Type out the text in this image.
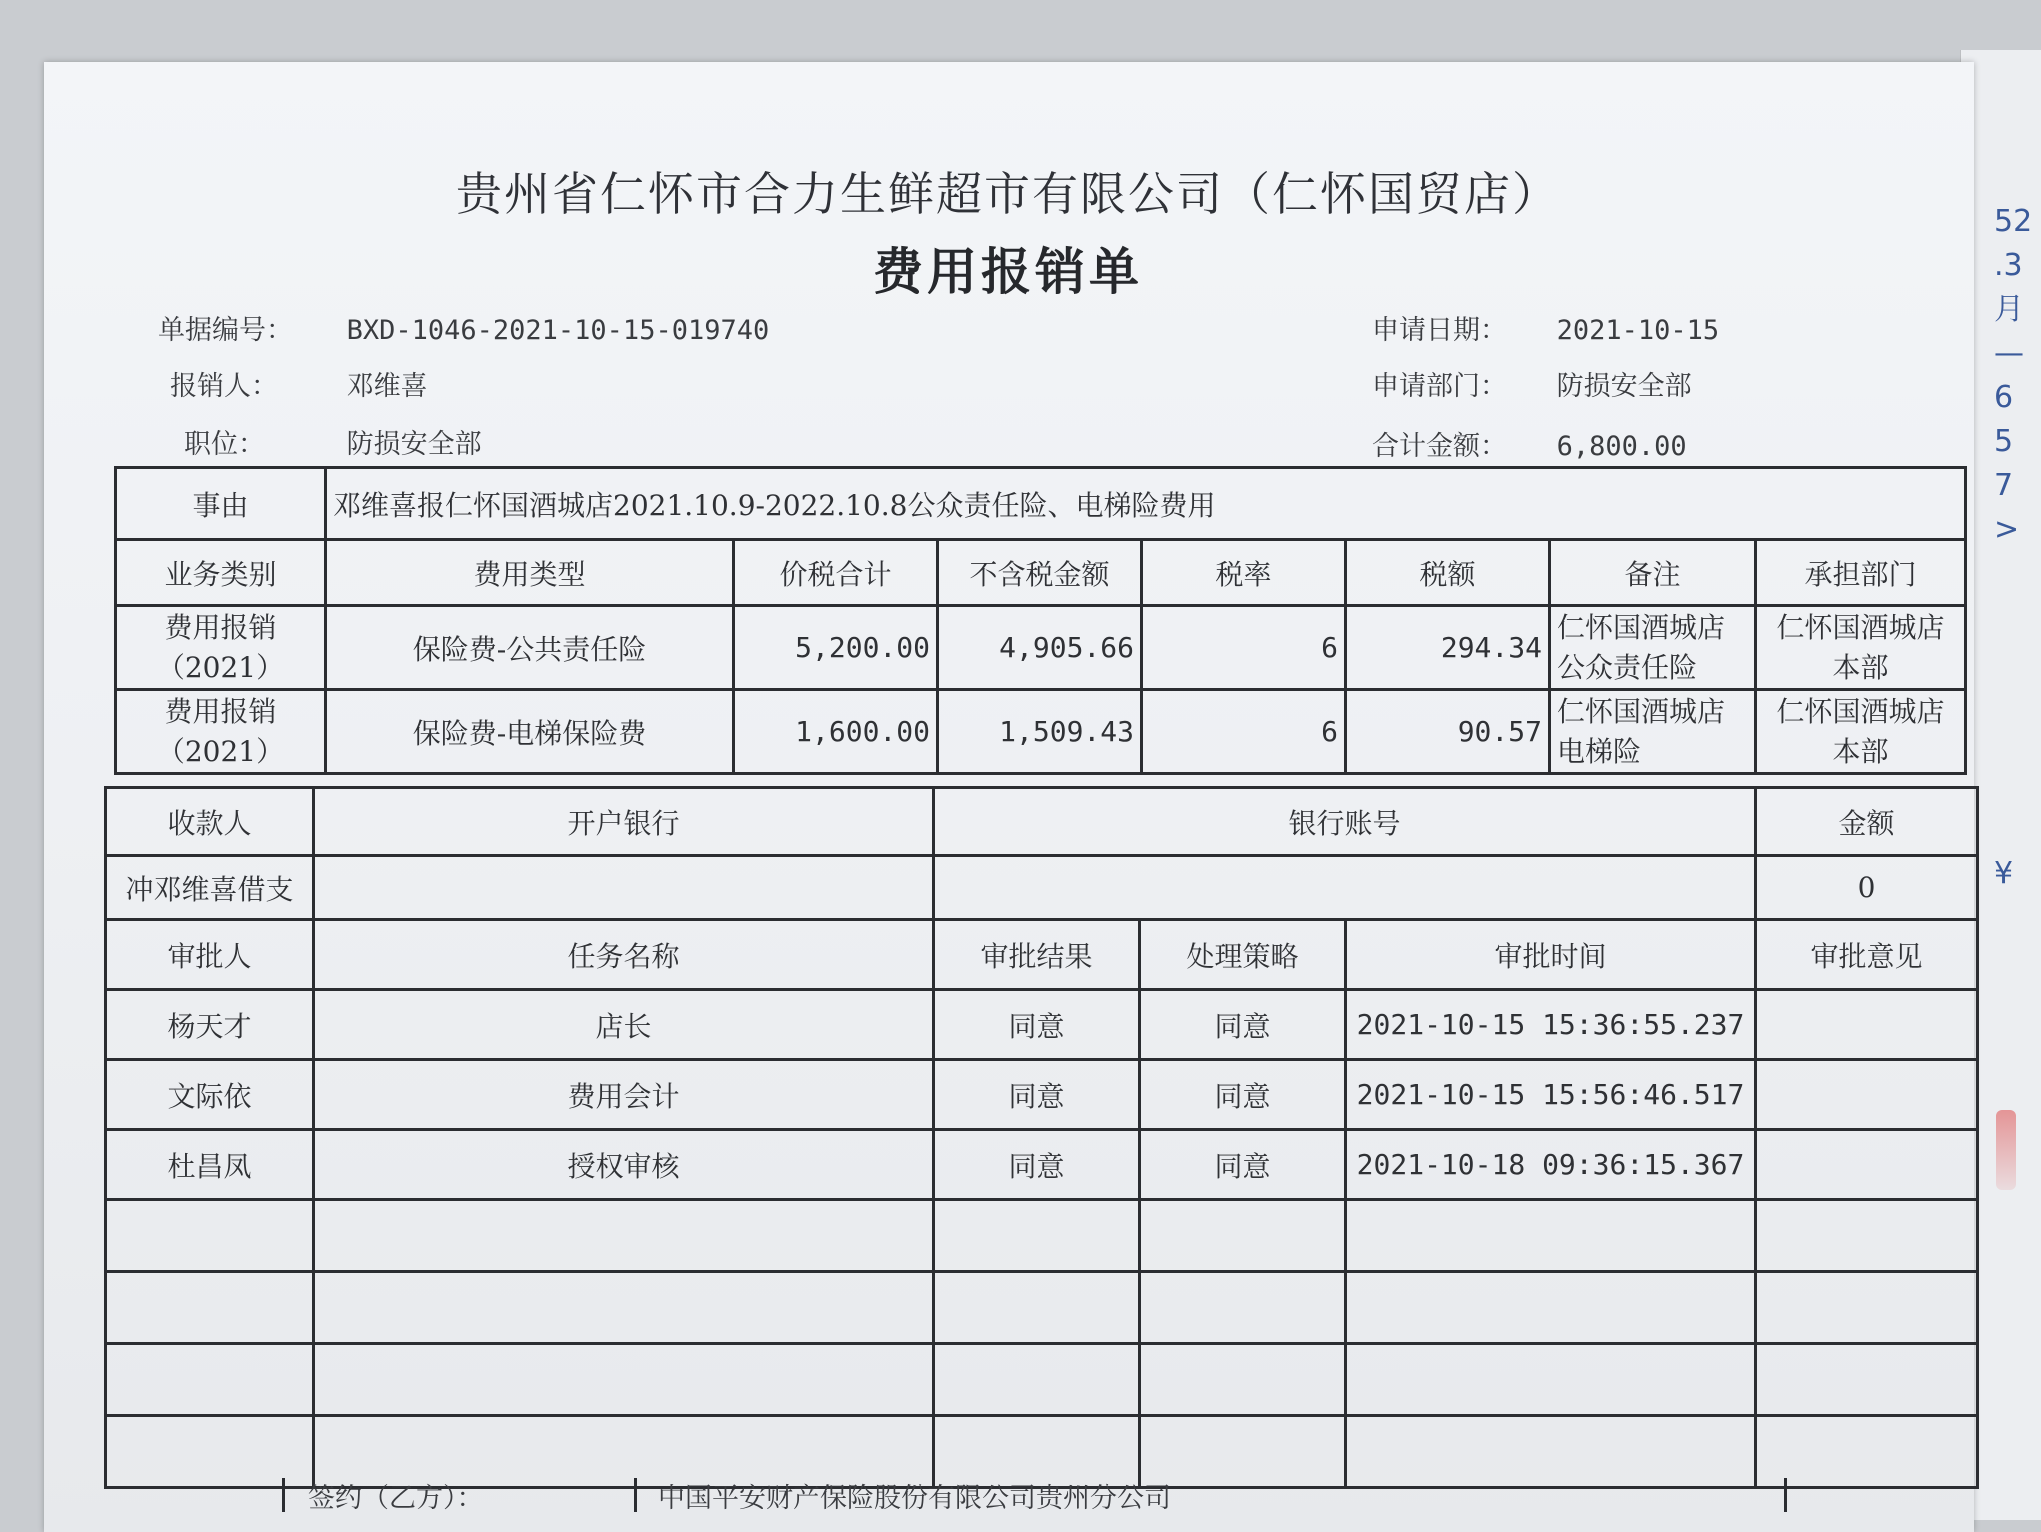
52
.3
月
—
6
5
7
>
¥
贵州省仁怀市合力生鲜超市有限公司（仁怀国贸店）
费用报销单
单据编号： BXD-1046-2021-10-15-019740	申请日期： 2021-10-15
报销人：	邓维喜	申请部门： 防损安全部
职位：	防损安全部	合计金额： 6,800.00
事由	邓维喜报仁怀国酒城店2021.10.9-2022.10.8公众责任险、电梯险费用						
业务类别	费用类型	价税合计	不含税金额	税率	税额	备注	承担部门
费用报销（2021）	保险费-公共责任险	5,200.00	4,905.66	6	294.34	仁怀国酒城店公众责任险	仁怀国酒城店本部
费用报销（2021）	保险费-电梯保险费	1,600.00	1,509.43	6	90.57	仁怀国酒城店电梯险	仁怀国酒城店本部
收款人	开户银行	银行账号			金额
冲邓维喜借支					0
审批人	任务名称	审批结果	处理策略	审批时间	审批意见
杨天才	店长	同意	同意	2021-10-15 15:36:55.237	
文际依	费用会计	同意	同意	2021-10-15 15:56:46.517	
杜昌凤	授权审核	同意	同意	2021-10-18 09:36:15.367	

签约（乙方）：	中国平安财产保险股份有限公司贵州分公司
